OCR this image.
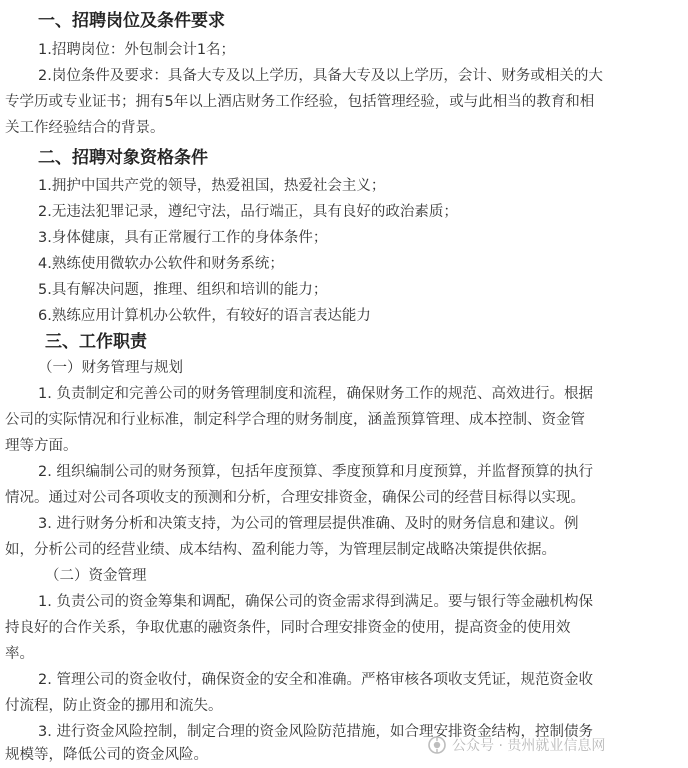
一、招聘岗位及条件要求
1.招聘岗位：外包制会计1名；
2.岗位条件及要求：具备大专及以上学历，具备大专及以上学历，会计、财务或相关的大
专学历或专业证书；拥有5年以上酒店财务工作经验，包括管理经验，或与此相当的教育和相
关工作经验结合的背景。
二、招聘对象资格条件
1.拥护中国共产党的领导，热爱祖国，热爱社会主义；
2.无违法犯罪记录，遵纪守法，品行端正，具有良好的政治素质；
3.身体健康，具有正常履行工作的身体条件；
4.熟练使用微软办公软件和财务系统；
5.具有解决问题，推理、组织和培训的能力；
6.熟练应用计算机办公软件，有较好的语言表达能力
三、工作职责
（一）财务管理与规划
1. 负责制定和完善公司的财务管理制度和流程，确保财务工作的规范、高效进行。根据
公司的实际情况和行业标准，制定科学合理的财务制度，涵盖预算管理、成本控制、资金管
理等方面。
2. 组织编制公司的财务预算，包括年度预算、季度预算和月度预算，并监督预算的执行
情况。通过对公司各项收支的预测和分析，合理安排资金，确保公司的经营目标得以实现。
3. 进行财务分析和决策支持，为公司的管理层提供准确、及时的财务信息和建议。例
如，分析公司的经营业绩、成本结构、盈利能力等，为管理层制定战略决策提供依据。
（二）资金管理
1. 负责公司的资金筹集和调配，确保公司的资金需求得到满足。要与银行等金融机构保
持良好的合作关系，争取优惠的融资条件，同时合理安排资金的使用，提高资金的使用效
率。
2. 管理公司的资金收付，确保资金的安全和准确。严格审核各项收支凭证，规范资金收
付流程，防止资金的挪用和流失。
3. 进行资金风险控制，制定合理的资金风险防范措施，如合理安排资金结构，控制债务
规模等，降低公司的资金风险。
公众号 · 贵州就业信息网
